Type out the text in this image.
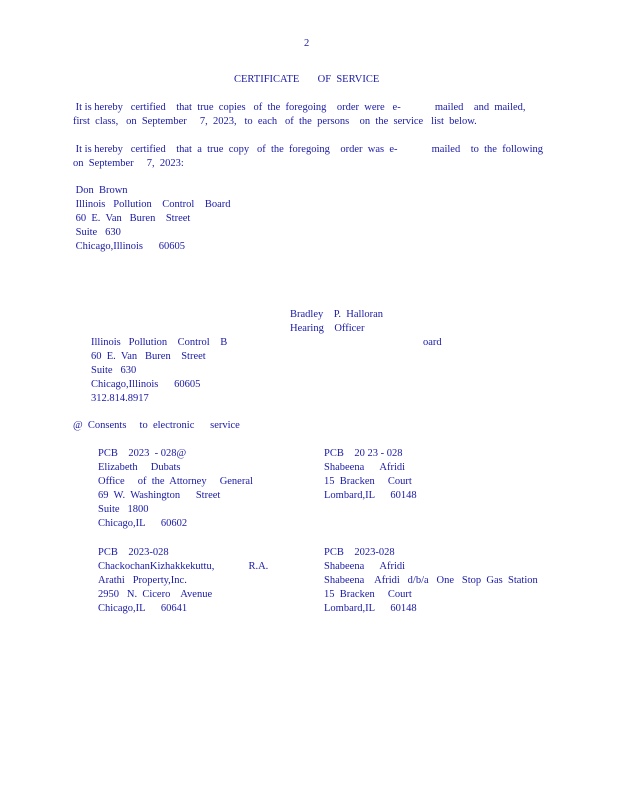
2
CERTIFICATE       OF  SERVICE
It is hereby   certified    that  true  copies   of  the  foregoing    order  were   e-             mailed    and  mailed,
first  class,   on  September     7,  2023,   to  each   of  the  persons    on  the  service   list  below.
It is hereby   certified    that  a  true  copy   of  the  foregoing    order  was  e-             mailed    to  the  following
on  September     7,  2023:
Don  Brown
Illinois   Pollution    Control    Board
60  E.  Van   Buren    Street
Suite   630
Chicago,Illinois      60605
Bradley    P.  Halloran
Hearing    Officer
Illinois   Pollution    Control    B
60  E.  Van   Buren    Street
Suite   630
Chicago,Illinois      60605
312.814.8917
oard
@  Consents     to  electronic      service
PCB    2023  - 028@
Elizabeth     Dubats
Office     of  the  Attorney     General
69  W.  Washington      Street
Suite   1800
Chicago,IL      60602
PCB    20 23 - 028
Shabeena      Afridi
15  Bracken     Court
Lombard,IL      60148
PCB    2023-028
ChackochanKizhakkekuttu,             R.A.
Arathi   Property,Inc.
2950   N.  Cicero    Avenue
Chicago,IL      60641
PCB    2023-028
Shabeena      Afridi
Shabeena    Afridi   d/b/a   One   Stop  Gas  Station
15  Bracken     Court
Lombard,IL      60148
